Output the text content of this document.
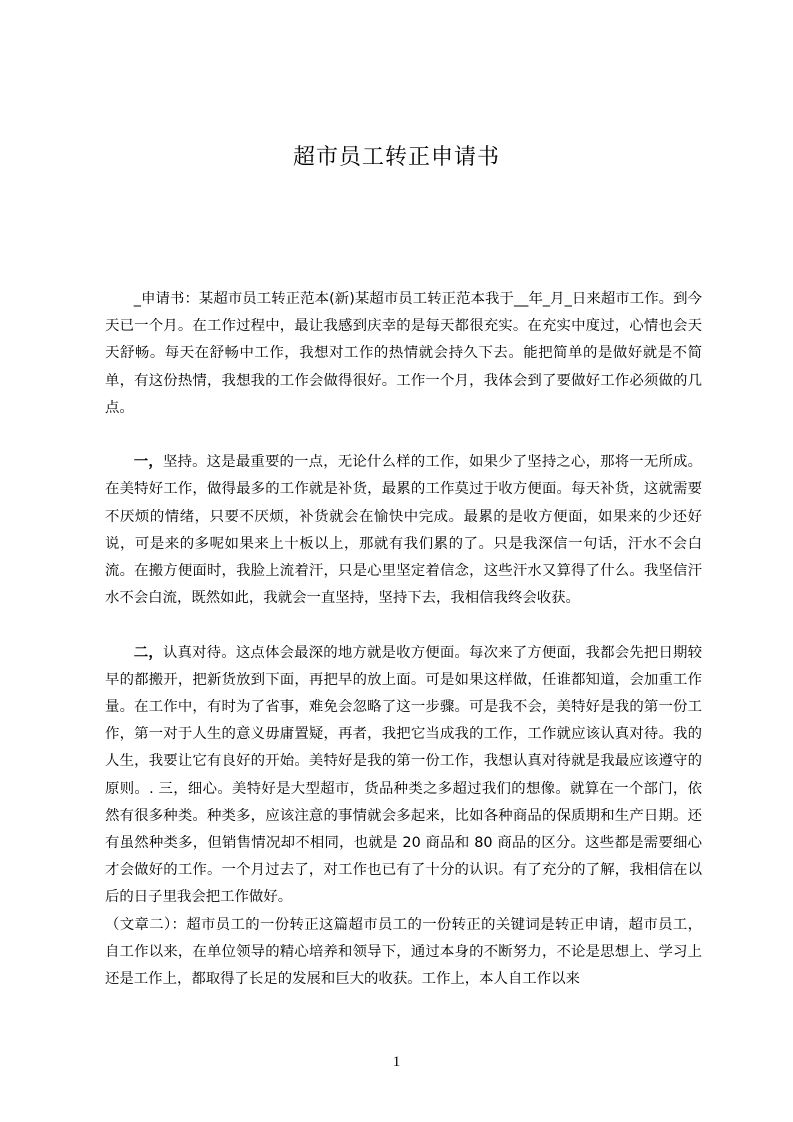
超市员工转正申请书

_申请书：某超市员工转正范本(新)某超市员工转正范本我于__年_月_日来超市工作。到今天已一个月。在工作过程中，最让我感到庆幸的是每天都很充实。在充实中度过，心情也会天天舒畅。每天在舒畅中工作，我想对工作的热情就会持久下去。能把简单的是做好就是不简单，有这份热情，我想我的工作会做得很好。工作一个月，我体会到了要做好工作必须做的几点。

一，坚持。这是最重要的一点，无论什么样的工作，如果少了坚持之心，那将一无所成。在美特好工作，做得最多的工作就是补货，最累的工作莫过于收方便面。每天补货，这就需要不厌烦的情绪，只要不厌烦，补货就会在愉快中完成。最累的是收方便面，如果来的少还好说，可是来的多呢如果来上十板以上，那就有我们累的了。只是我深信一句话，汗水不会白流。在搬方便面时，我脸上流着汗，只是心里坚定着信念，这些汗水又算得了什么。我坚信汗水不会白流，既然如此，我就会一直坚持，坚持下去，我相信我终会收获。

二，认真对待。这点体会最深的地方就是收方便面。每次来了方便面，我都会先把日期较早的都搬开，把新货放到下面，再把早的放上面。可是如果这样做，任谁都知道，会加重工作量。在工作中，有时为了省事，难免会忽略了这一步骤。可是我不会，美特好是我的第一份工作，第一对于人生的意义毋庸置疑，再者，我把它当成我的工作，工作就应该认真对待。我的人生，我要让它有良好的开始。美特好是我的第一份工作，我想认真对待就是我最应该遵守的原则。. 三，细心。美特好是大型超市，货品种类之多超过我们的想像。就算在一个部门，依然有很多种类。种类多，应该注意的事情就会多起来，比如各种商品的保质期和生产日期。还有虽然种类多，但销售情况却不相同，也就是 20 商品和 80 商品的区分。这些都是需要细心才会做好的工作。一个月过去了，对工作也已有了十分的认识。有了充分的了解，我相信在以后的日子里我会把工作做好。

（文章二）：超市员工的一份转正这篇超市员工的一份转正的关键词是转正申请，超市员工，自工作以来，在单位领导的精心培养和领导下，通过本身的不断努力，不论是思想上、学习上还是工作上，都取得了长足的发展和巨大的收获。工作上，本人自工作以来

1
